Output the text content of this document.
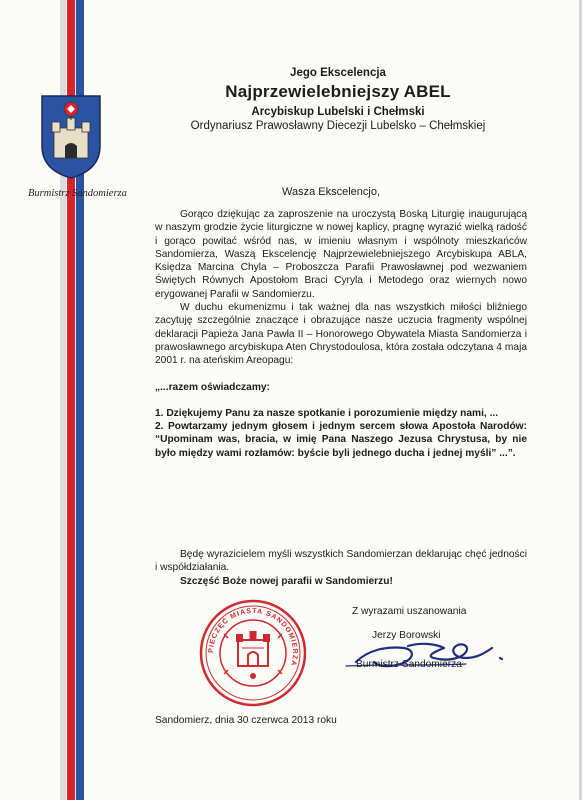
Burmistrz Sandomierza
Jego Ekscelencja
Najprzewielebniejszy ABEL
Arcybiskup Lubelski i Chełmski
Ordynariusz Prawosławny Diecezji Lubelsko – Chełmskiej
Wasza Ekscelencjo,

Gorąco dziękując za zaproszenie na uroczystą Boską Liturgię inaugurującą w naszym grodzie życie liturgiczne w nowej kaplicy, pragnę wyrazić wielką radość i gorąco powitać wśród nas, w imieniu własnym i wspólnoty mieszkańców Sandomierza, Waszą Ekscelencję Najprzewielebniejszego Arcybiskupa ABLA, Księdza Marcina Chyla – Proboszcza Parafii Prawosławnej pod wezwaniem Świętych Równych Apostołom Braci Cyryla i Metodego oraz wiernych nowo erygowanej Parafii w Sandomierzu.

W duchu ekumenizmu i tak ważnej dla nas wszystkich miłości bliźniego zacytuję szczególnie znaczące i obrazujące nasze uczucia fragmenty wspólnej deklaracji Papieża Jana Pawła II – Honorowego Obywatela Miasta Sandomierza i prawosławnego arcybiskupa Aten Chrystodoulosa, która została odczytana 4 maja 2001 r. na ateńskim Areopagu:

„...razem oświadczamy:

1. Dziękujemy Panu za nasze spotkanie i porozumienie między nami, ...

2. Powtarzamy jednym głosem i jednym sercem słowa Apostoła Narodów: “Upominam was, bracia, w imię Pana Naszego Jezusa Chrystusa, by nie było między wami rozłamów: byście byli jednego ducha i jednej myśli” ...”.

Będę wyrazicielem myśli wszystkich Sandomierzan deklarując chęć jedności i współdziałania.

Szczęść Boże nowej parafii w Sandomierzu!

Z wyrazami uszanowania
Jerzy Borowski
PIECZĘĆ MIASTA SANDOMIERZA	Burmistrz Sandomierza
Sandomierz, dnia 30 czerwca 2013 roku
